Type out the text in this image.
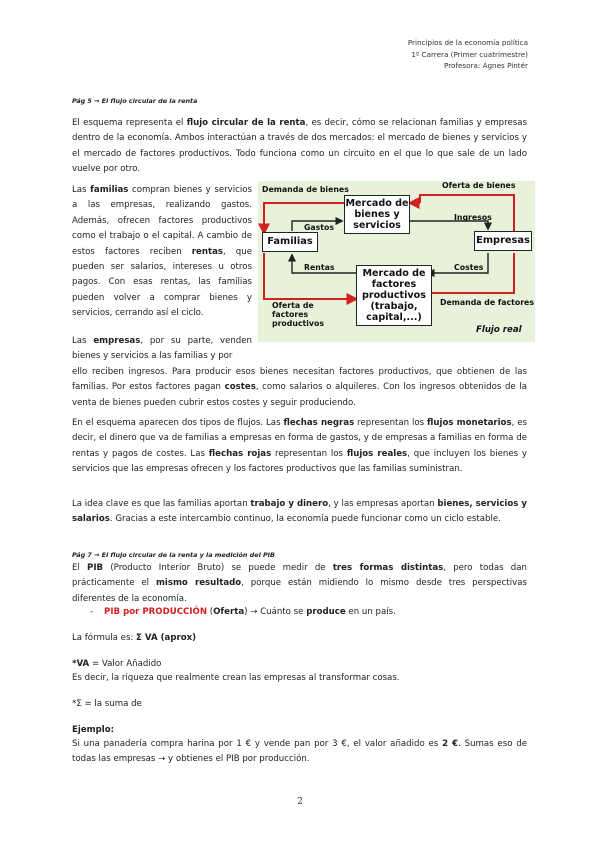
Principios de la economía política
1º Carrera (Primer cuatrimestre)
Profesora: Ágnes Pintér
Pág 5 → El flujo circular de la renta
El esquema representa el flujo circular de la renta, es decir, cómo se relacionan familias y empresas dentro de la economía. Ambos interactúan a través de dos mercados: el mercado de bienes y servicios y el mercado de factores productivos. Todo funciona como un circuito en el que lo que sale de un lado vuelve por otro.
Las familias compran bienes y servicios a las empresas, realizando gastos. Además, ofrecen factores productivos como el trabajo o el capital. A cambio de estos factores reciben rentas, que pueden ser salarios, intereses u otros pagos. Con esas rentas, las familias pueden volver a comprar bienes y servicios, cerrando así el ciclo.
Las empresas, por su parte, venden bienes y servicios a las familias y por
ello reciben ingresos. Para producir esos bienes necesitan factores productivos, que obtienen de las familias. Por estos factores pagan costes, como salarios o alquileres. Con los ingresos obtenidos de la venta de bienes pueden cubrir estos costes y seguir produciendo.
Demanda de bienes	Oferta de bienes
Mercado de
bienes y
servicios
Gastos
Ingresos
Familias	Empresas
Rentas	Costes
Mercado de
factores
productivos
(trabajo,
capital,...)
Oferta de
factores
productivos
Demanda de factores
Flujo real
En el esquema aparecen dos tipos de flujos. Las flechas negras representan los flujos monetarios, es decir, el dinero que va de familias a empresas en forma de gastos, y de empresas a familias en forma de rentas y pagos de costes. Las flechas rojas representan los flujos reales, que incluyen los bienes y servicios que las empresas ofrecen y los factores productivos que las familias suministran.
La idea clave es que las familias aportan trabajo y dinero, y las empresas aportan bienes, servicios y salarios. Gracias a este intercambio continuo, la economía puede funcionar como un ciclo estable.
Pág 7 → El flujo circular de la renta y la medición del PIB
El PIB (Producto Interior Bruto) se puede medir de tres formas distintas, pero todas dan prácticamente el mismo resultado, porque están midiendo lo mismo desde tres perspectivas diferentes de la economía.
- PIB por PRODUCCIÓN (Oferta) → Cuánto se produce en un país.
La fórmula es: Σ VA (aprox)
*VA = Valor Añadido
Es decir, la riqueza que realmente crean las empresas al transformar cosas.
*Σ = la suma de
Ejemplo:
Si una panadería compra harina por 1 € y vende pan por 3 €, el valor añadido es 2 €. Sumas eso de todas las empresas → y obtienes el PIB por producción.
2
